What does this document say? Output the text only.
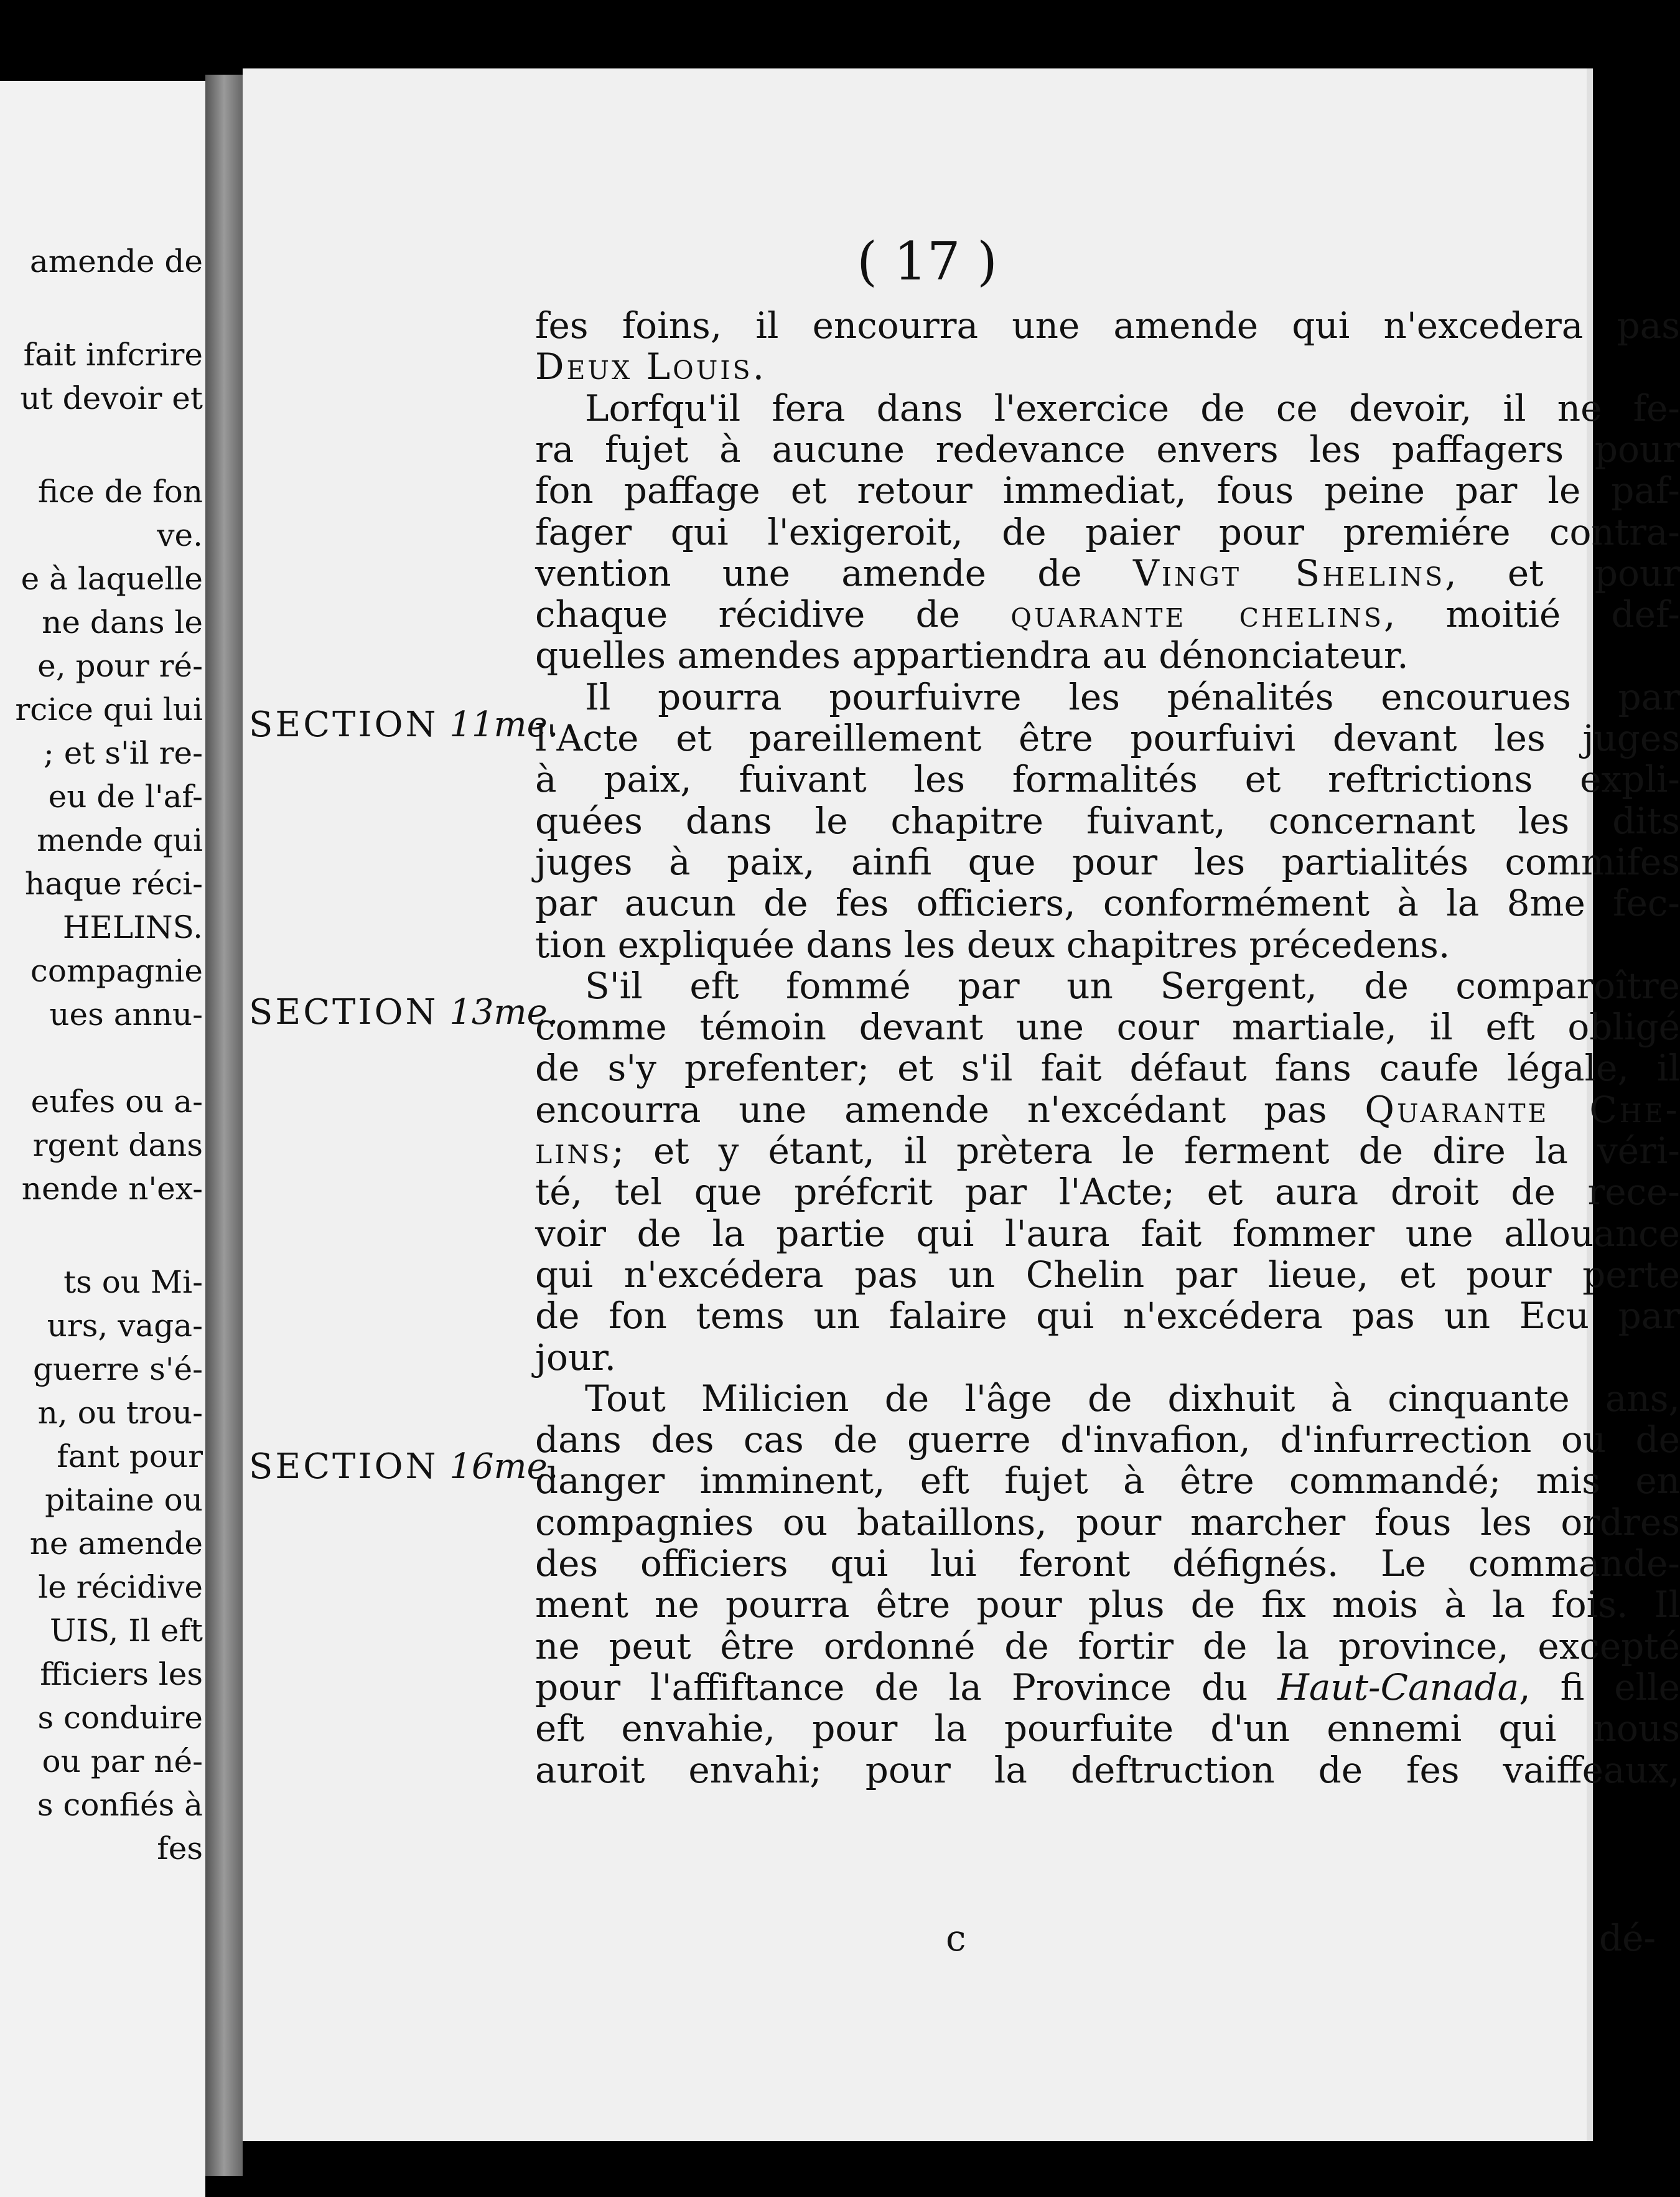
amende de
fait infcrire
ut devoir et
fice de fon
ve.
e à laquelle
ne dans le
e, pour ré-
rcice qui lui
; et s'il re-
eu de l'af-
mende qui
haque réci-
HELINS.
compagnie
ues annu-
eufes ou a-
rgent dans
nende n'ex-
ts ou Mi-
urs, vaga-
guerre s'é-
n, ou trou-
fant pour
pitaine ou
ne amende
le récidive
UIS, Il eft
fficiers les
s conduire
ou par né-
s confiés à
fes
( 17 )
SECTION 11me.
SECTION 13me.
SECTION 16me.
fes foins, il encourra une amende qui n'excedera pas
Deux Louis.
Lorfqu'il fera dans l'exercice de ce devoir, il ne fe-
ra fujet à aucune redevance envers les paffagers pour
fon paffage et retour immediat, fous peine par le paf-
fager qui l'exigeroit, de paier pour premiére contra-
vention une amende de Vingt Shelins, et pour
chaque récidive de quarante chelins, moitié def-
quelles amendes appartiendra au dénonciateur.
Il pourra pourfuivre les pénalités encourues par
l'Acte et pareillement être pourfuivi devant les juges
à paix, fuivant les formalités et reftrictions expli-
quées dans le chapitre fuivant, concernant les dits
juges à paix, ainfi que pour les partialités commifes
par aucun de fes officiers, conformément à la 8me fec-
tion expliquée dans les deux chapitres précedens.
S'il eft fommé par un Sergent, de comparoître
comme témoin devant une cour martiale, il eft obligé
de s'y prefenter; et s'il fait défaut fans caufe légale, il
encourra une amende n'excédant pas Quarante Che-
lins; et y étant, il prètera le ferment de dire la véri-
té, tel que préfcrit par l'Acte; et aura droit de rece-
voir de la partie qui l'aura fait fommer une allouance
qui n'excédera pas un Chelin par lieue, et pour perte
de fon tems un falaire qui n'excédera pas un Ecu par
jour.
Tout Milicien de l'âge de dixhuit à cinquante ans,
dans des cas de guerre d'invafion, d'infurrection ou de
danger imminent, eft fujet à être commandé; mis en
compagnies ou bataillons, pour marcher fous les ordres
des officiers qui lui feront défignés. Le commande-
ment ne pourra être pour plus de fix mois à la fois. Il
ne peut être ordonné de fortir de la province, excepté
pour l'affiftance de la Province du Haut-Canada, fi elle
eft envahie, pour la pourfuite d'un ennemi qui nous
auroit envahi; pour la deftruction de fes vaiffeaux,
c	dé-
